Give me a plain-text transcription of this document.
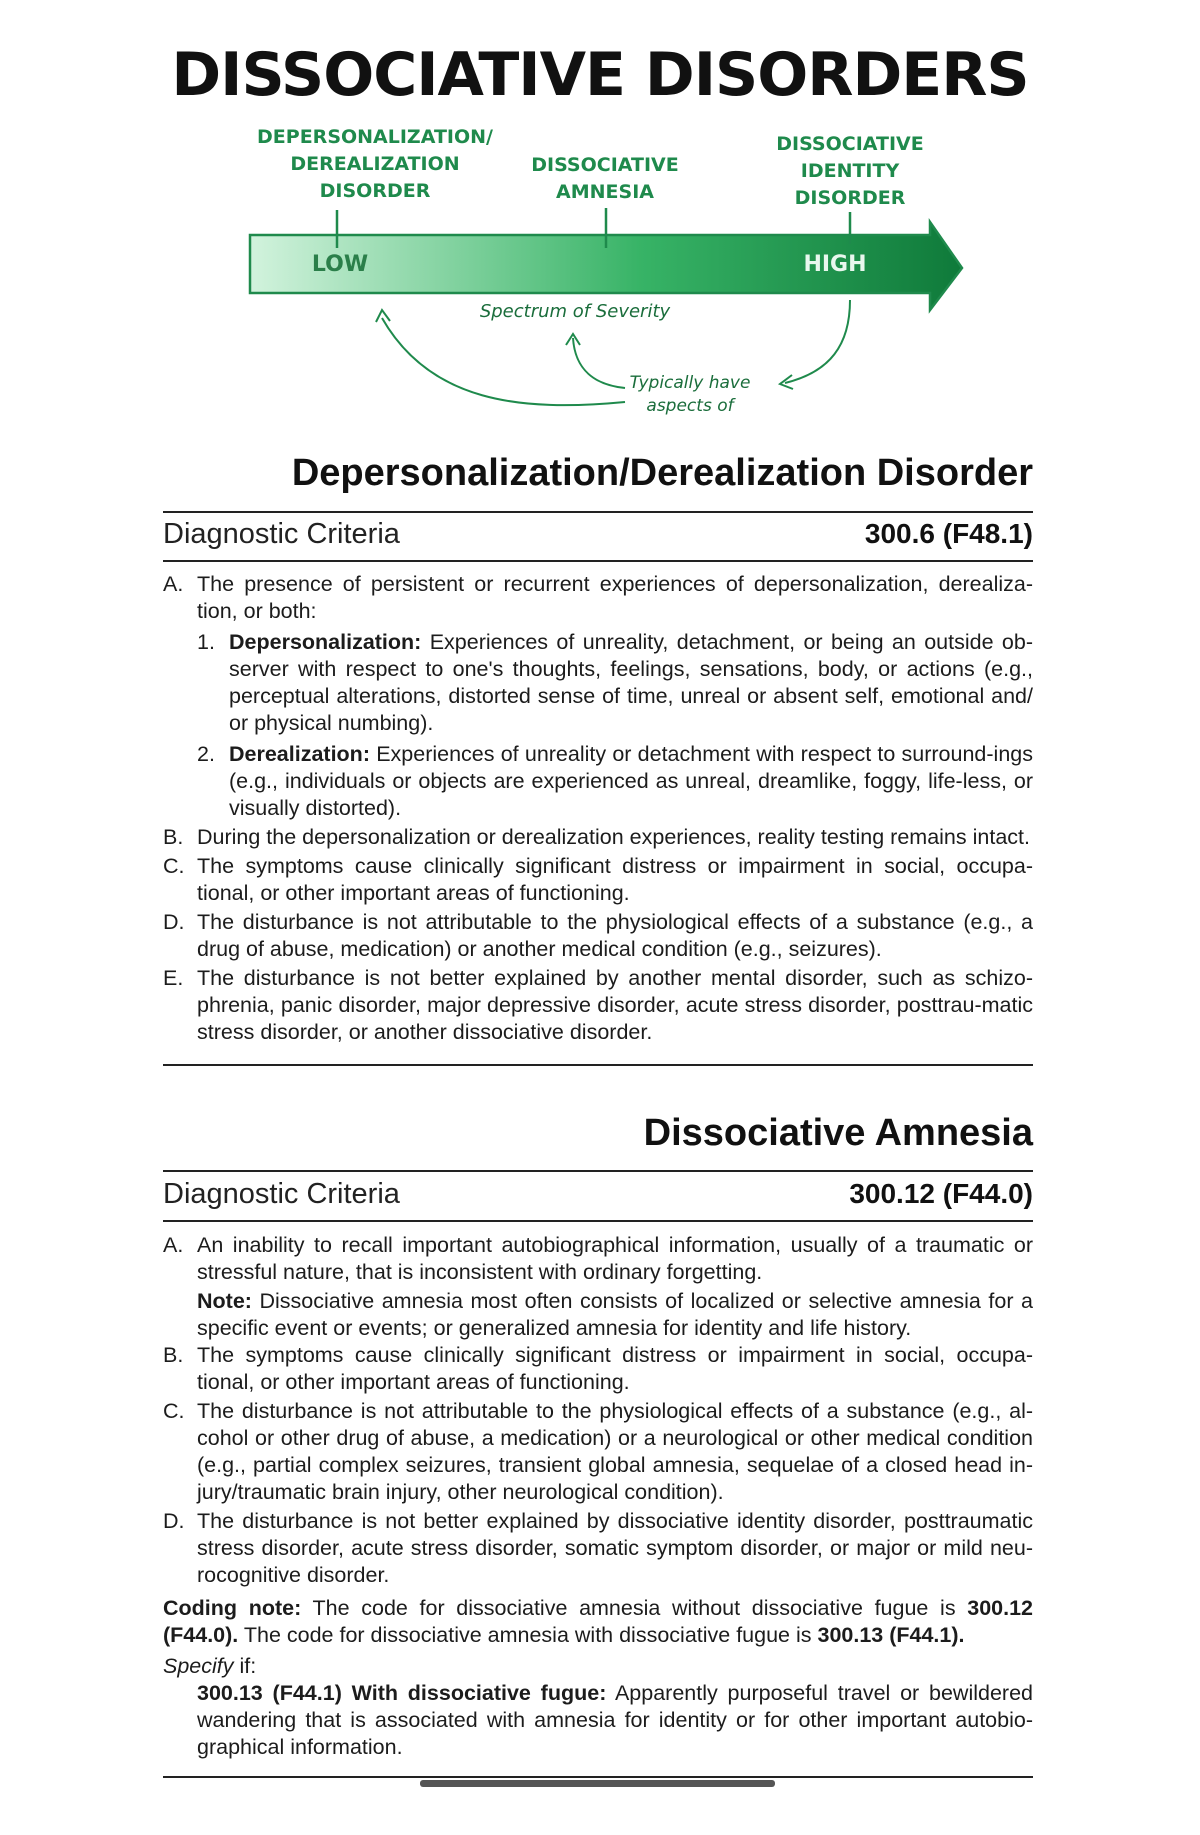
DISSOCIATIVE DISORDERS
DEPERSONALIZATION/
DEREALIZATION
DISORDER
DISSOCIATIVE
AMNESIA
DISSOCIATIVE
IDENTITY
DISORDER
LOW	HIGH
Spectrum of Severity
Typically have
aspects of
Depersonalization/Derealization Disorder
Diagnostic Criteria	300.6 (F48.1)

A. The presence of persistent or recurrent experiences of depersonalization, derealiza-tion, or both:

1. Depersonalization: Experiences of unreality, detachment, or being an outside ob-server with respect to one's thoughts, feelings, sensations, body, or actions (e.g., perceptual alterations, distorted sense of time, unreal or absent self, emotional and/ or physical numbing).

2. Derealization: Experiences of unreality or detachment with respect to surround-ings (e.g., individuals or objects are experienced as unreal, dreamlike, foggy, life-less, or visually distorted).

B. During the depersonalization or derealization experiences, reality testing remains intact.

C. The symptoms cause clinically significant distress or impairment in social, occupa-tional, or other important areas of functioning.

D. The disturbance is not attributable to the physiological effects of a substance (e.g., a drug of abuse, medication) or another medical condition (e.g., seizures).

E. The disturbance is not better explained by another mental disorder, such as schizo-phrenia, panic disorder, major depressive disorder, acute stress disorder, posttrau-matic stress disorder, or another dissociative disorder.

Dissociative Amnesia
Diagnostic Criteria	300.12 (F44.0)

A. An inability to recall important autobiographical information, usually of a traumatic or stressful nature, that is inconsistent with ordinary forgetting.

Note: Dissociative amnesia most often consists of localized or selective amnesia for a specific event or events; or generalized amnesia for identity and life history.

B. The symptoms cause clinically significant distress or impairment in social, occupa-tional, or other important areas of functioning.

C. The disturbance is not attributable to the physiological effects of a substance (e.g., al-cohol or other drug of abuse, a medication) or a neurological or other medical condition (e.g., partial complex seizures, transient global amnesia, sequelae of a closed head in-jury/traumatic brain injury, other neurological condition).

D. The disturbance is not better explained by dissociative identity disorder, posttraumatic stress disorder, acute stress disorder, somatic symptom disorder, or major or mild neu-rocognitive disorder.

Coding note: The code for dissociative amnesia without dissociative fugue is 300.12 (F44.0). The code for dissociative amnesia with dissociative fugue is 300.13 (F44.1).

Specify if:

300.13 (F44.1) With dissociative fugue: Apparently purposeful travel or bewildered wandering that is associated with amnesia for identity or for other important autobio-graphical information.
